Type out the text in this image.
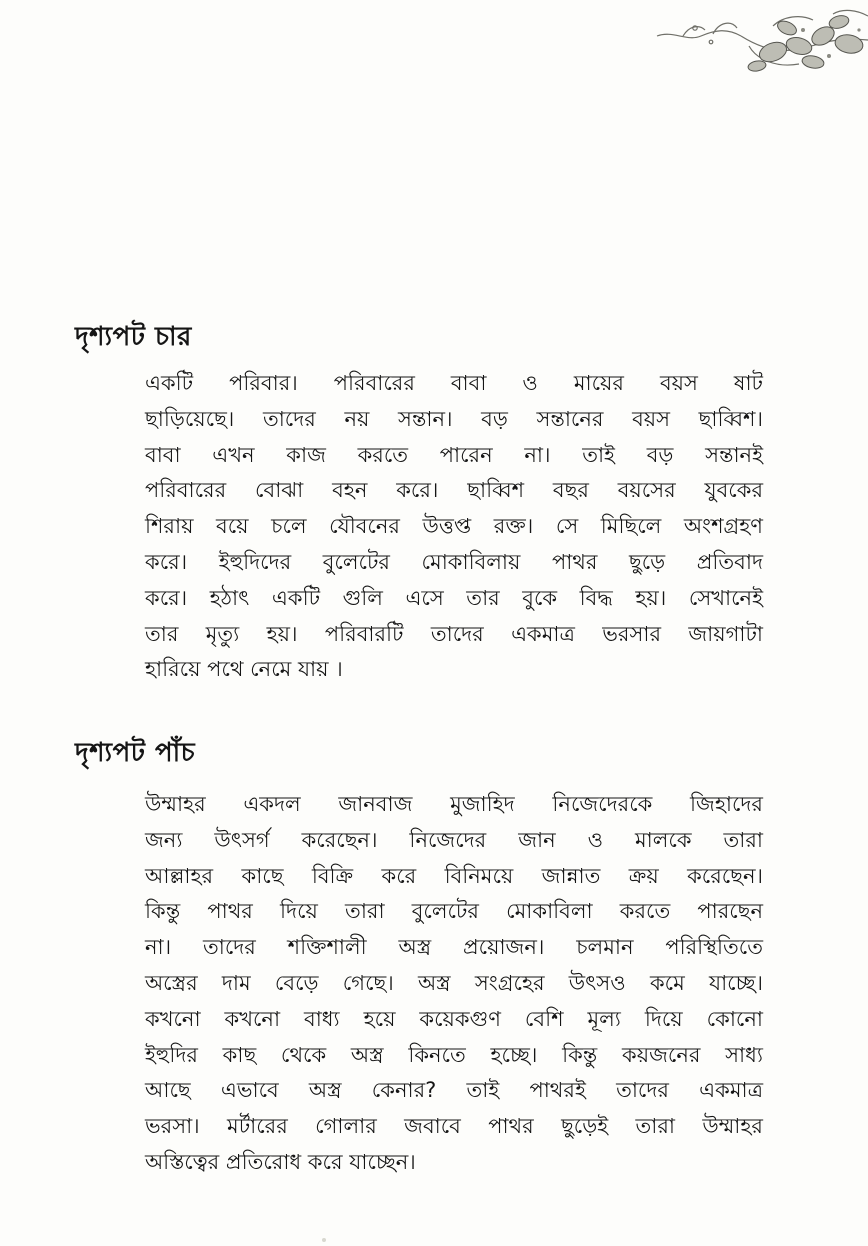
দৃশ্যপট চার
একটি পরিবার। পরিবারের বাবা ও মায়ের বয়স ষাট
ছাড়িয়েছে। তাদের নয় সন্তান। বড় সন্তানের বয়স ছাব্বিশ।
বাবা এখন কাজ করতে পারেন না। তাই বড় সন্তানই
পরিবারের বোঝা বহন করে। ছাব্বিশ বছর বয়সের যুবকের
শিরায় বয়ে চলে যৌবনের উত্তপ্ত রক্ত। সে মিছিলে অংশগ্রহণ
করে। ইহুদিদের বুলেটের মোকাবিলায় পাথর ছুড়ে প্রতিবাদ
করে। হঠাৎ একটি গুলি এসে তার বুকে বিদ্ধ হয়। সেখানেই
তার মৃত্যু হয়। পরিবারটি তাদের একমাত্র ভরসার জায়গাটা
হারিয়ে পথে নেমে যায় ।
দৃশ্যপট পাঁচ
উম্মাহর একদল জানবাজ মুজাহিদ নিজেদেরকে জিহাদের
জন্য উৎসর্গ করেছেন। নিজেদের জান ও মালকে তারা
আল্লাহর কাছে বিক্রি করে বিনিময়ে জান্নাত ক্রয় করেছেন।
কিন্তু পাথর দিয়ে তারা বুলেটের মোকাবিলা করতে পারছেন
না। তাদের শক্তিশালী অস্ত্র প্রয়োজন। চলমান পরিস্থিতিতে
অস্ত্রের দাম বেড়ে গেছে। অস্ত্র সংগ্রহের উৎসও কমে যাচ্ছে।
কখনো কখনো বাধ্য হয়ে কয়েকগুণ বেশি মূল্য দিয়ে কোনো
ইহুদির কাছ থেকে অস্ত্র কিনতে হচ্ছে। কিন্তু কয়জনের সাধ্য
আছে এভাবে অস্ত্র কেনার? তাই পাথরই তাদের একমাত্র
ভরসা। মর্টারের গোলার জবাবে পাথর ছুড়েই তারা উম্মাহর
অস্তিত্বের প্রতিরোধ করে যাচ্ছেন।
